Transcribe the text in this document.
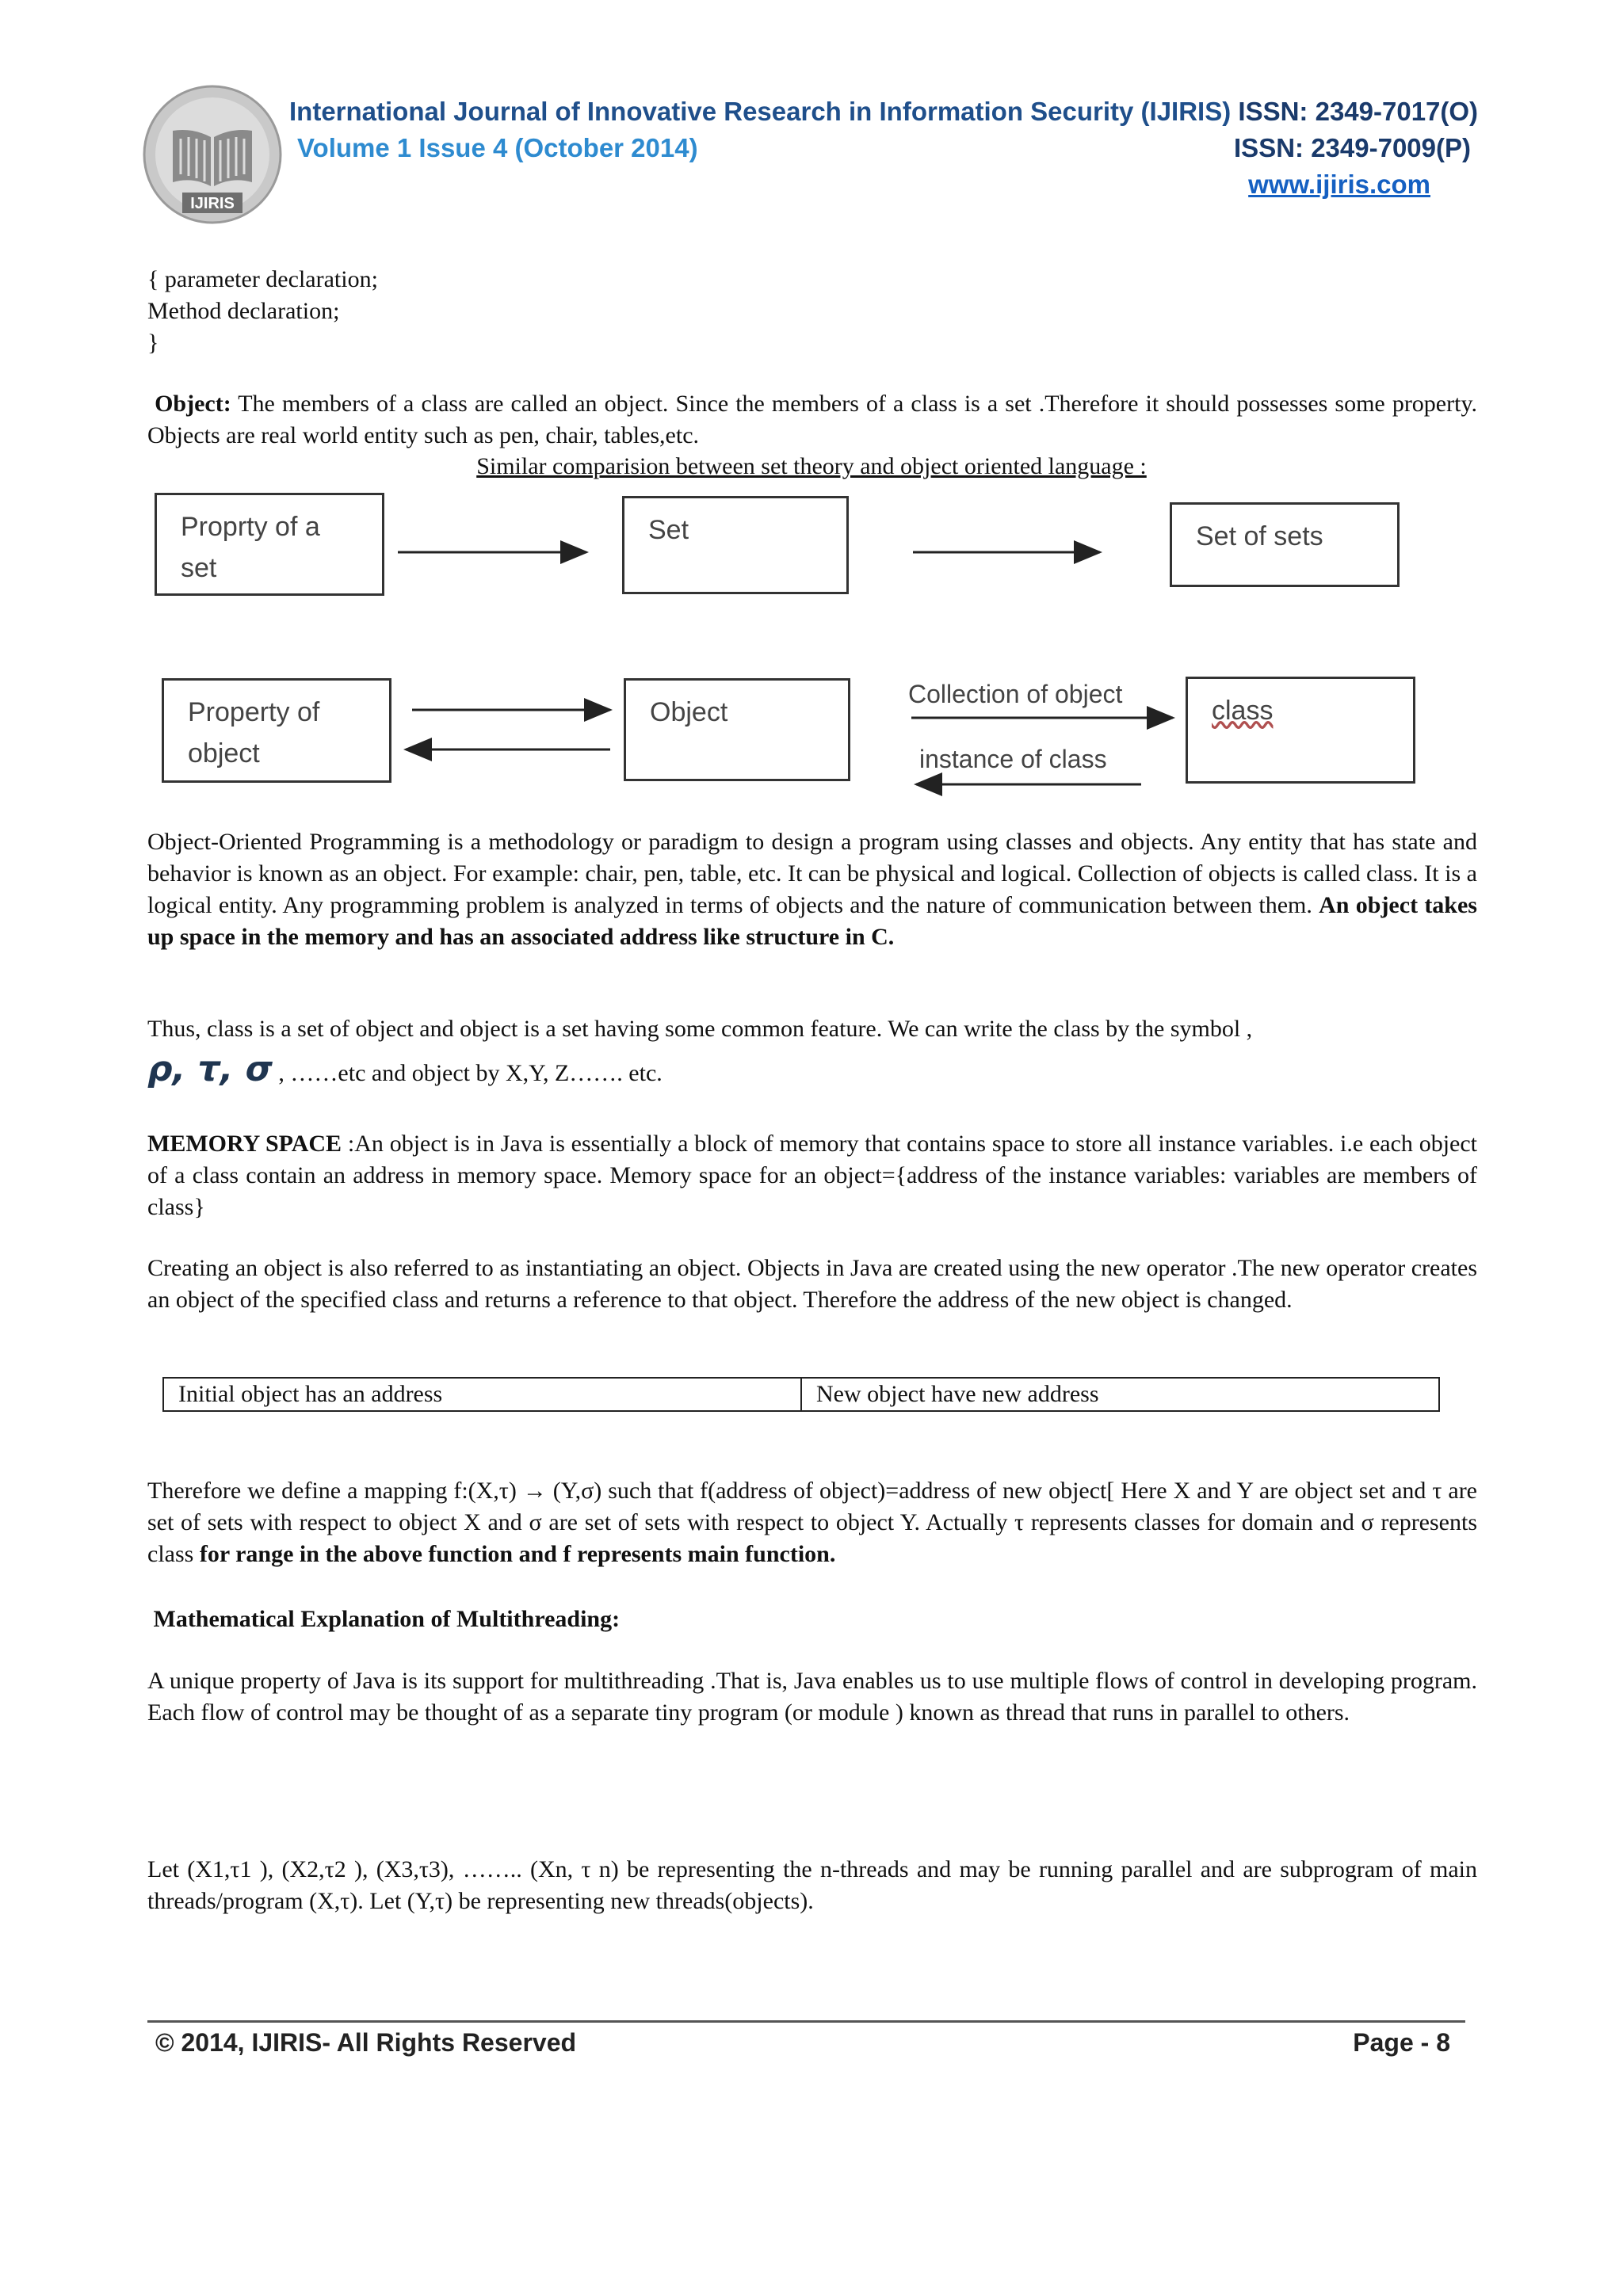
IJIRIS
International Journal of Innovative Research in Information Security (IJIRIS) ISSN: 2349-7017(O)
Volume 1 Issue 4 (October 2014)	ISSN: 2349-7009(P)
www.ijiris.com
{ parameter declaration;
Method declaration;
}
Object: The members of a class are called an object. Since the members of a class is a set .Therefore it should possesses some property. Objects are real world entity such as pen, chair, tables,etc.
Similar comparision between set theory and object oriented language :
Proprty of a set
Set	Set of sets
Property of object
Object	class
Collection of object
instance of class
Object-Oriented Programming is a methodology or paradigm to design a program using classes and objects. Any entity that has state and behavior is known as an object. For example: chair, pen, table, etc. It can be physical and logical. Collection of objects is called class. It is a logical entity. Any programming problem is analyzed in terms of objects and the nature of communication between them. An object takes up space in the memory and has an associated address like structure in C.
Thus, class is a set of object and object is a set having some common feature. We can write the class by the symbol ,
ρ, τ, σ , ……etc and object by X,Y, Z……. etc.
MEMORY SPACE :An object is in Java is essentially a block of memory that contains space to store all instance variables. i.e each object of a class contain an address in memory space. Memory space for an object={address of the instance variables: variables are members of class}
Creating an object is also referred to as instantiating an object. Objects in Java are created using the new operator .The new operator creates an object of the specified class and returns a reference to that object. Therefore the address of the new object is changed.
Initial object has an address	New object have new address
Therefore we define a mapping f:(X,τ) → (Y,σ) such that f(address of object)=address of new object[ Here X and Y are object set and τ are set of sets with respect to object X and σ are set of sets with respect to object Y. Actually τ represents classes for domain and σ represents class for range in the above function and f represents main function.
Mathematical Explanation of Multithreading:
A unique property of Java is its support for multithreading .That is, Java enables us to use multiple flows of control in developing program. Each flow of control may be thought of as a separate tiny program (or module ) known as thread that runs in parallel to others.
Let (X1,τ1 ), (X2,τ2 ), (X3,τ3), …….. (Xn, τ n) be representing the n-threads and may be running parallel and are subprogram of main threads/program (X,τ). Let (Y,τ) be representing new threads(objects).
© 2014, IJIRIS- All Rights Reserved	Page - 8
